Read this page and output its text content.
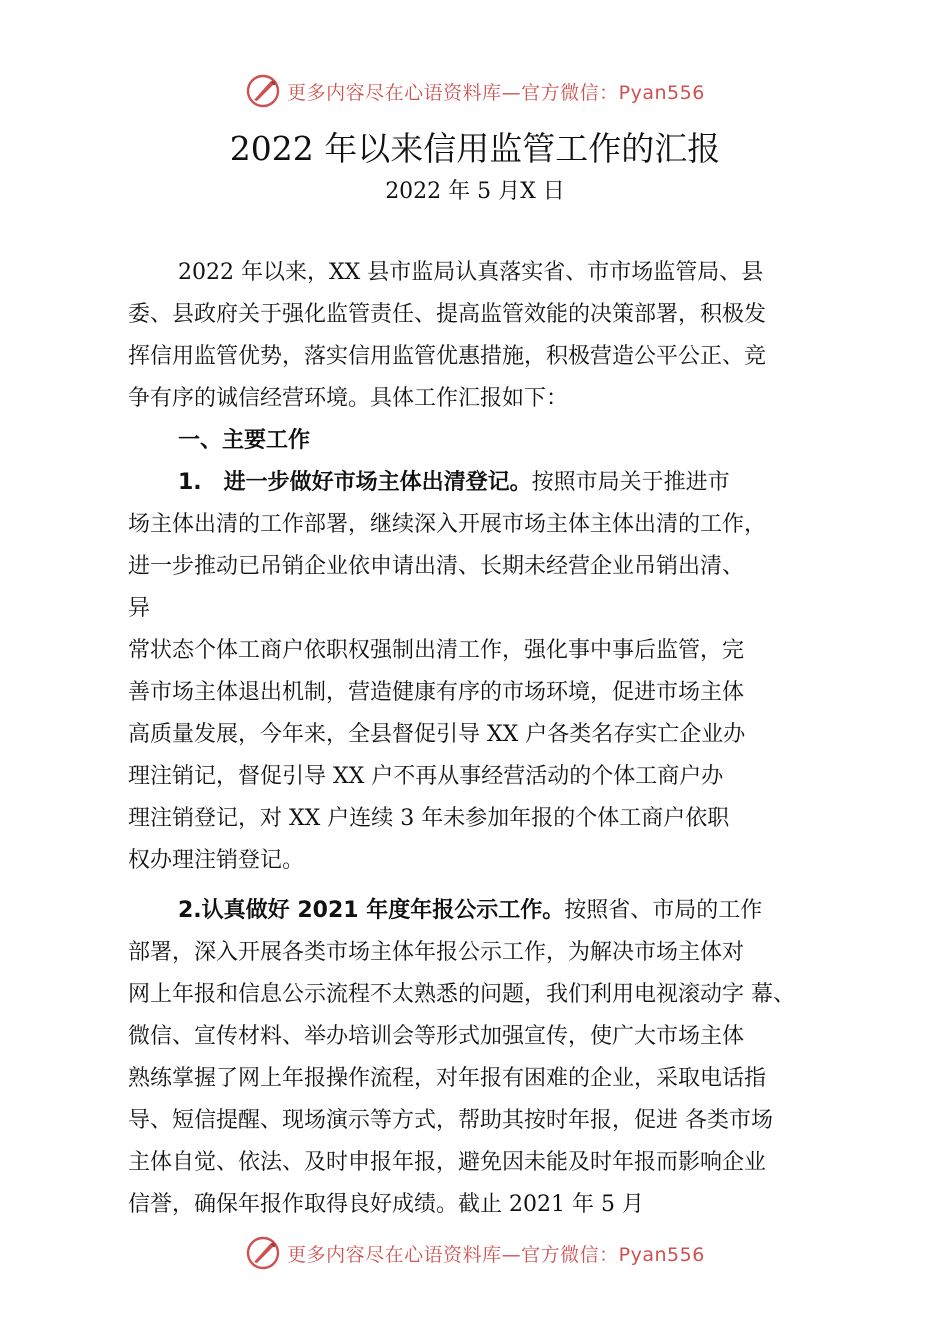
更多内容尽在心语资料库—官方微信：Pyan556
2022 年以来信用监管工作的汇报
2022 年 5 月X 日
2022 年以来，XX 县市监局认真落实省、市市场监管局、县
委、县政府关于强化监管责任、提高监管效能的决策部署，积极发
挥信用监管优势，落实信用监管优惠措施，积极营造公平公正、竞
争有序的诚信经营环境。具体工作汇报如下：
一、主要工作
1.　进一步做好市场主体出清登记。按照市局关于推进市
场主体出清的工作部署，继续深入开展市场主体主体出清的工作，
进一步推动已吊销企业依申请出清、长期未经营企业吊销出清、
异
常状态个体工商户依职权强制出清工作，强化事中事后监管，完
善市场主体退出机制，营造健康有序的市场环境，促进市场主体
高质量发展，今年来，全县督促引导 XX 户各类名存实亡企业办
理注销记，督促引导 XX 户不再从事经营活动的个体工商户办
理注销登记，对 XX 户连续 3 年未参加年报的个体工商户依职
权办理注销登记。
2.认真做好 2021 年度年报公示工作。按照省、市局的工作
部署，深入开展各类市场主体年报公示工作，为解决市场主体对
网上年报和信息公示流程不太熟悉的问题，我们利用电视滚动字 幕、
微信、宣传材料、举办培训会等形式加强宣传，使广大市场主体
熟练掌握了网上年报操作流程，对年报有困难的企业，采取电话指
导、短信提醒、现场演示等方式，帮助其按时年报，促进 各类市场
主体自觉、依法、及时申报年报，避免因未能及时年报而影响企业
信誉，确保年报作取得良好成绩。截止 2021 年 5 月
更多内容尽在心语资料库—官方微信：Pyan556
